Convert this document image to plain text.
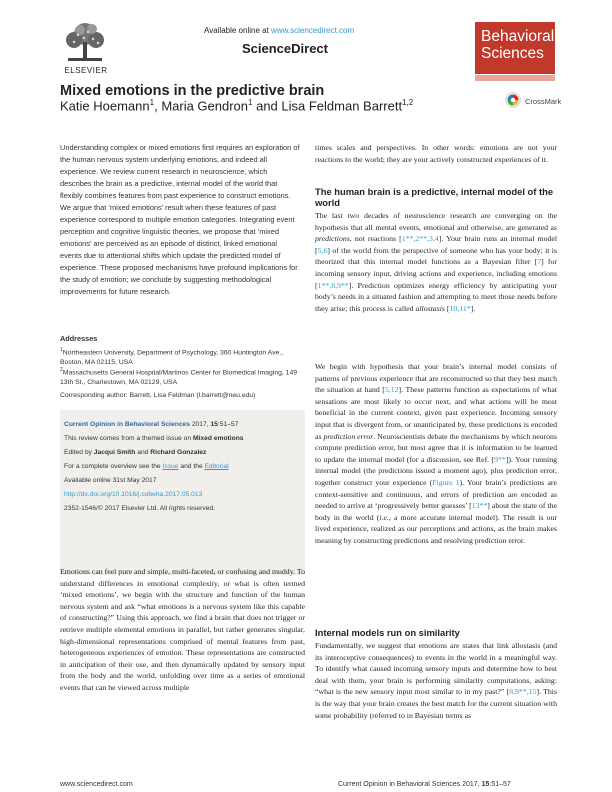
ELSEVIER
Available online at www.sciencedirect.com
ScienceDirect
Behavioral
Sciences
Mixed emotions in the predictive brain
Katie Hoemann$^1$, Maria Gendron$^1$ and Lisa Feldman Barrett$^{1,2}$	CrossMark
Understanding complex or mixed emotions first requires an exploration of the human nervous system underlying emotions, and indeed all experience. We review current research in neuroscience, which describes the brain as a predictive, internal model of the world that flexibly combines features from past experience to construct emotions. We argue that ‘mixed emotions’ result when these features of past experience correspond to multiple emotion categories. Integrating event perception and cognitive linguistic theories, we propose that ‘mixed emotions’ are perceived as an episode of distinct, linked emotional events due to attentional shifts which update the predicted model of experience. These proposed mechanisms have profound implications for the study of emotion; we conclude by suggesting methodological improvements for future research.
Addresses
$^1$Northeastern University, Department of Psychology, 360 Huntington Ave., Boston, MA 02115, USA
$^2$Massachusetts General Hospital/Martinos Center for Biomedical Imaging, 149 13th St., Charlestown, MA 02129, USA
Corresponding author: Barrett, Lisa Feldman (l.barrett@neu.edu)
Current Opinion in Behavioral Sciences 2017, 15:51–57
This review comes from a themed issue on Mixed emotions
Edited by Jacqui Smith and Richard Gonzalez
For a complete overview see the Issue and the Editorial
Available online 31st May 2017
http://dx.doi.org/10.1016/j.cobeha.2017.05.013
2352-1546/© 2017 Elsevier Ltd. All rights reserved.

Emotions can feel pure and simple, multi-faceted, or confusing and muddy. To understand differences in emotional complexity, or what is often termed ‘mixed emotions’, we begin with the structure and function of the human nervous system and ask “what emotions is a nervous system like this capable of constructing?” Using this approach, we find a brain that does not trigger or retrieve multiple elemental emotions in parallel, but rather generates singular, high-dimensional representations comprised of mental features from past, heterogeneous experiences of emotion. These representations are constructed in anticipation of their use, and then dynamically updated by sensory input from the body and the world, unfolding over time as a series of emotional events that can be viewed across multiple

times scales and perspectives. In other words: emotions are not your reactions to the world; they are your actively constructed experiences of it.

The human brain is a predictive, internal model of the world

The last two decades of neuroscience research are converging on the hypothesis that all mental events, emotional and otherwise, are generated as predictions, not reactions [1**,2**,3,4]. Your brain runs an internal model [5,6] of the world from the perspective of someone who has your body; it is theorized that this internal model functions as a Bayesian filter [7] for incoming sensory input, driving actions and experience, including emotions [1**,8,9**]. Prediction optimizes energy efficiency by anticipating your body’s needs in a situated fashion and attempting to meet those needs before they arise; this process is called allostasis [10,11*].

We begin with hypothesis that your brain’s internal model consists of patterns of previous experience that are reconstructed so that they best match the situation at hand [5,12]. These patterns function as expectations of what sensations are most likely to occur next, and what actions will be most beneficial in the current context, given past experience. Incoming sensory input that is divergent from, or unanticipated by, these predictions is encoded as prediction error. Neuroscientists debate the mechanisms by which neurons compute prediction error, but most agree that it is information to be learned to update the internal model (for a discussion, see Ref. [9**]). Your running internal model (the predictions issued a moment ago), plus prediction error, together construct your experience (Figure 1). Your brain’s predictions are context-sensitive and continuous, and errors of prediction are encoded as needed to arrive at ‘progressively better guesses’ [13**] about the state of the body in the world (i.e., a more accurate internal model). The result is our lived experience, realized as our perceptions and actions, as the brain makes meaning by constructing predictions and resolving prediction error.

Internal models run on similarity

Fundamentally, we suggest that emotions are states that link allostasis (and its interoceptive consequences) to events in the world in a meaningful way. To identify what caused incoming sensory inputs and determine how to best deal with them, your brain is performing similarity computations, asking: “what is the new sensory input most similar to in my past?” [8,9**,15]. This is the way that your brain creates the best match for the current situation with some probability (referred to in Bayesian terms as

www.sciencedirect.com	Current Opinion in Behavioral Sciences 2017, 15:51–57
